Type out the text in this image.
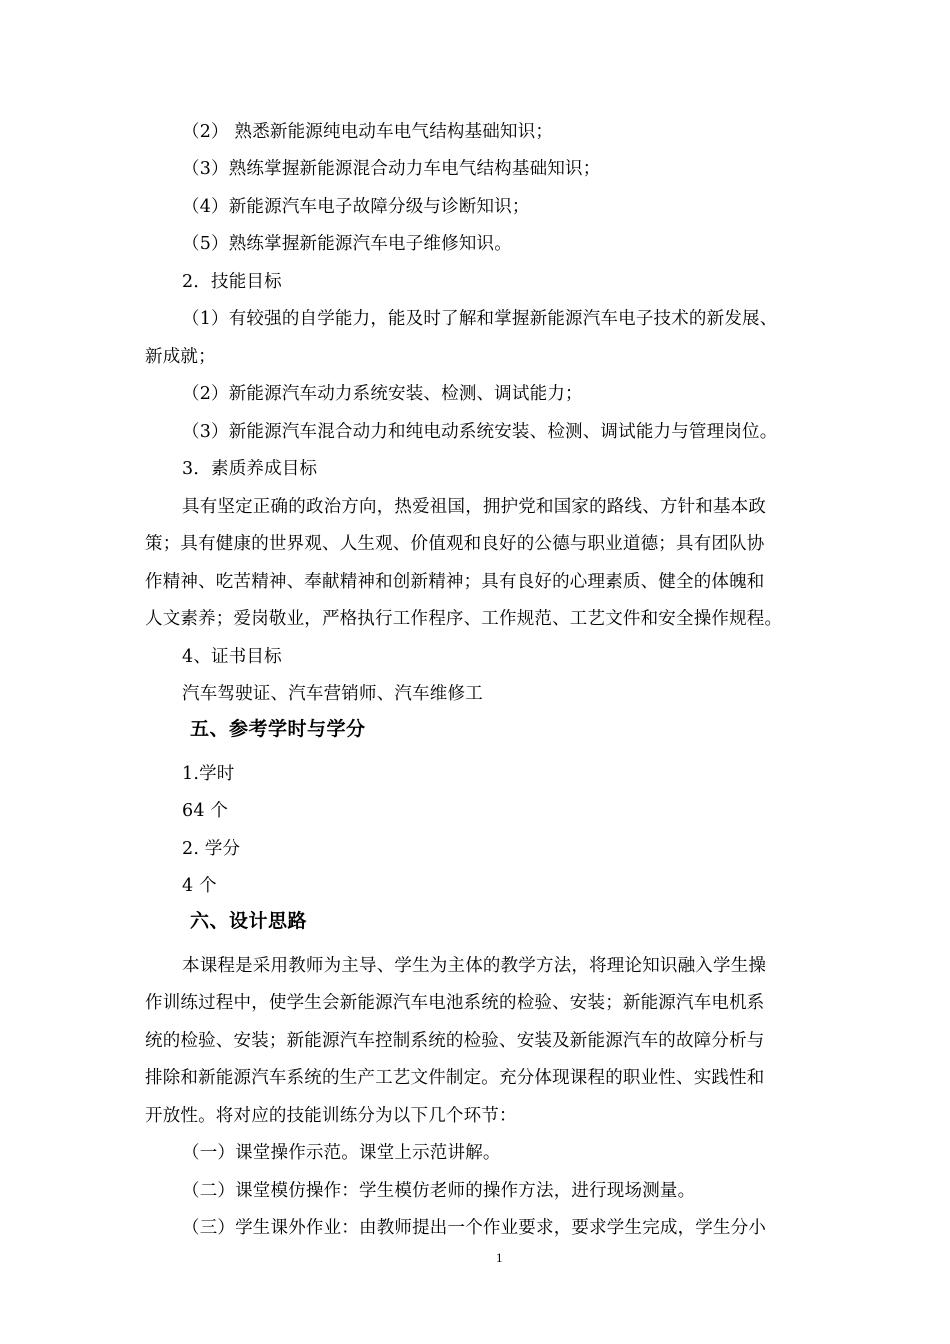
（2） 熟悉新能源纯电动车电气结构基础知识；
（3）熟练掌握新能源混合动力车电气结构基础知识；
（4）新能源汽车电子故障分级与诊断知识；
（5）熟练掌握新能源汽车电子维修知识。
2．技能目标
（1）有较强的自学能力，能及时了解和掌握新能源汽车电子技术的新发展、
新成就；
（2）新能源汽车动力系统安装、检测、调试能力；
（3）新能源汽车混合动力和纯电动系统安装、检测、调试能力与管理岗位。
3．素质养成目标
具有坚定正确的政治方向，热爱祖国，拥护党和国家的路线、方针和基本政
策；具有健康的世界观、人生观、价值观和良好的公德与职业道德；具有团队协
作精神、吃苦精神、奉献精神和创新精神；具有良好的心理素质、健全的体魄和
人文素养；爱岗敬业，严格执行工作程序、工作规范、工艺文件和安全操作规程。
4、证书目标
汽车驾驶证、汽车营销师、汽车维修工
五、参考学时与学分
1.学时
64 个
2. 学分
4 个
六、设计思路
本课程是采用教师为主导、学生为主体的教学方法，将理论知识融入学生操
作训练过程中，使学生会新能源汽车电池系统的检验、安装；新能源汽车电机系
统的检验、安装；新能源汽车控制系统的检验、安装及新能源汽车的故障分析与
排除和新能源汽车系统的生产工艺文件制定。充分体现课程的职业性、实践性和
开放性。将对应的技能训练分为以下几个环节：
（一）课堂操作示范。课堂上示范讲解。
（二）课堂模仿操作：学生模仿老师的操作方法，进行现场测量。
（三）学生课外作业：由教师提出一个作业要求，要求学生完成，学生分小
1
